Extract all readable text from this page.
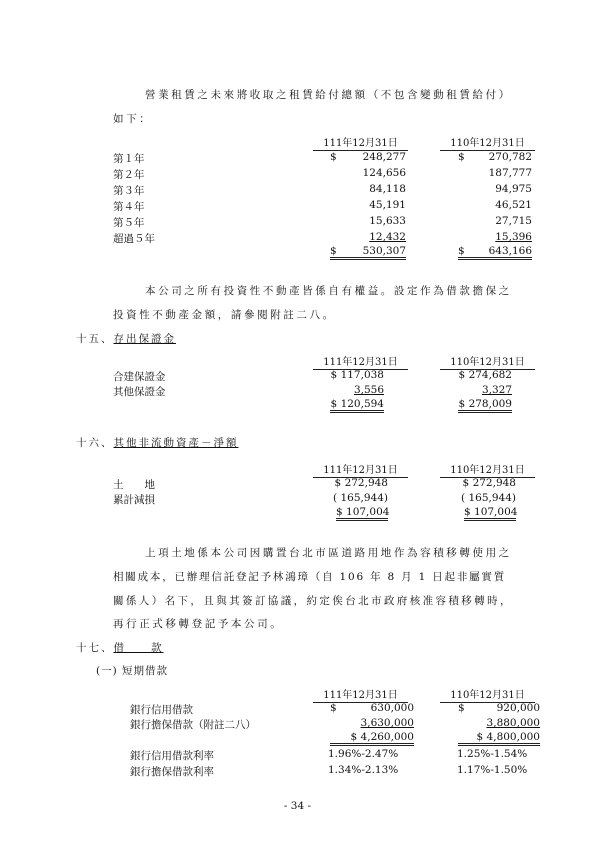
營業租賃之未來將收取之租賃給付總額（不包含變動租賃給付）
如下：
111年12月31日	110年12月31日
第１年	$ 248,277	$ 270,782
第２年	124,656	187,777
第３年	84,118	94,975
第４年	45,191	46,521
第５年	15,633	27,715
超過５年	12,432	15,396
$ 530,307	$ 643,166
本公司之所有投資性不動產皆係自有權益。設定作為借款擔保之
投資性不動產金額，請參閱附註二八。
十五、存出保證金
111年12月31日	110年12月31日
合建保證金	$ 117,038	$ 274,682
其他保證金	3,556	3,327
$ 120,594	$ 278,009
十六、其他非流動資產－淨額
111年12月31日	110年12月31日
土　　地	$ 272,948	$ 272,948
累計減損	( 165,944)	( 165,944)
$ 107,004	$ 107,004
上項土地係本公司因購置台北市區道路用地作為容積移轉使用之
相關成本，已辦理信託登記予林鴻璋（自 106 年 8 月 1 日起非屬實質
關係人）名下，且與其簽訂協議，約定俟台北市政府核准容積移轉時，
再行正式移轉登記予本公司。
十七、借　　款
(一) 短期借款
111年12月31日	110年12月31日
銀行信用借款	$	630,000	$	920,000
銀行擔保借款（附註二八）	3,630,000	3,880,000
$ 4,260,000	$ 4,800,000
銀行信用借款利率	1.96%-2.47%	1.25%-1.54%
銀行擔保借款利率	1.34%-2.13%	1.17%-1.50%
- 34 -
